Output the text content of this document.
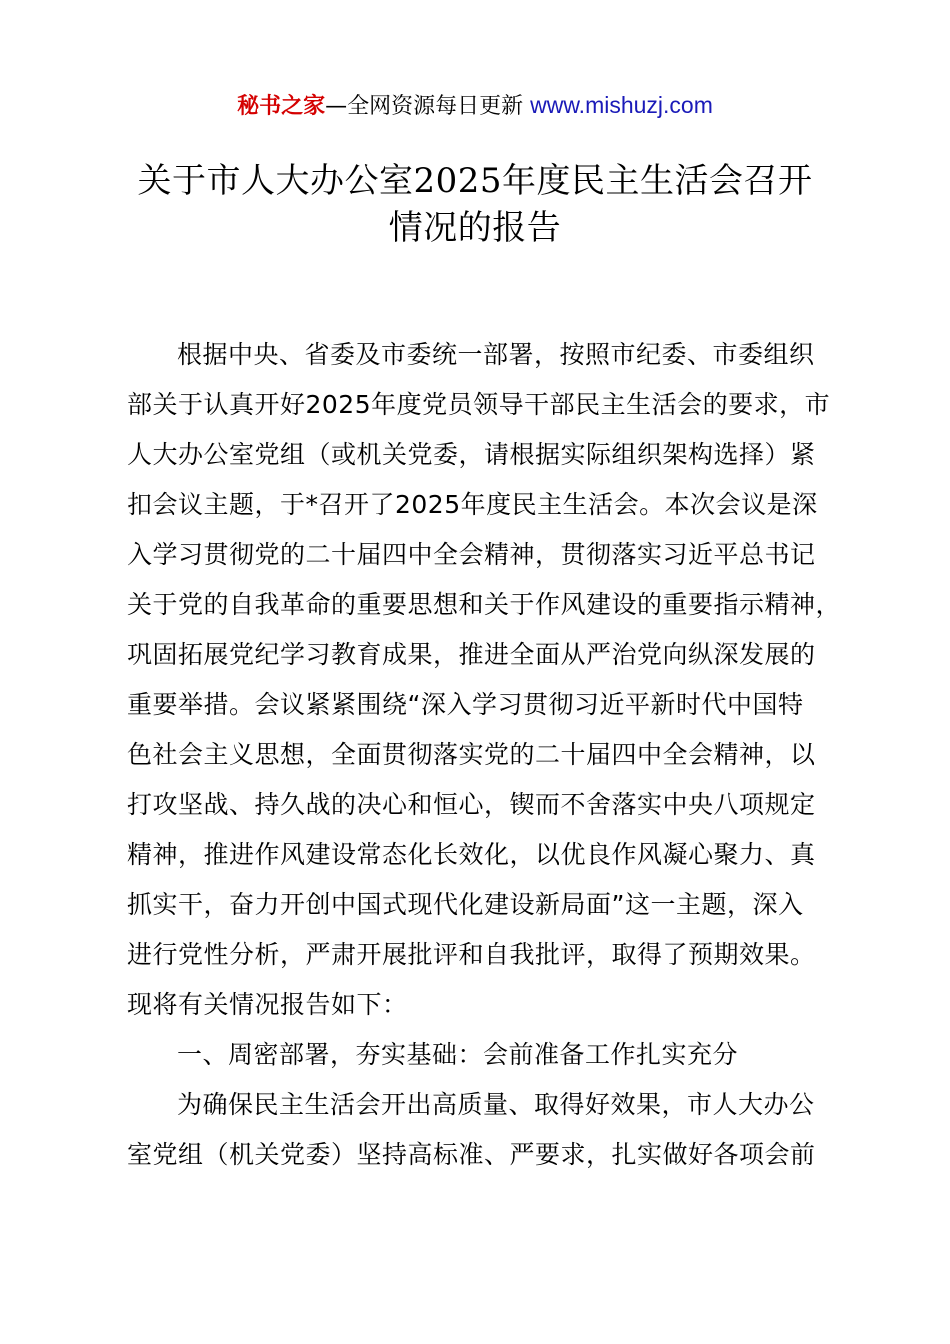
秘书之家—全网资源每日更新 www.mishuzj.com
关于市人大办公室2025年度民主生活会召开
情况的报告
根据中央、省委及市委统一部署，按照市纪委、市委组织
部关于认真开好2025年度党员领导干部民主生活会的要求，市
人大办公室党组（或机关党委，请根据实际组织架构选择）紧
扣会议主题，于*召开了2025年度民主生活会。本次会议是深
入学习贯彻党的二十届四中全会精神，贯彻落实习近平总书记
关于党的自我革命的重要思想和关于作风建设的重要指示精神，
巩固拓展党纪学习教育成果，推进全面从严治党向纵深发展的
重要举措。会议紧紧围绕“深入学习贯彻习近平新时代中国特
色社会主义思想，全面贯彻落实党的二十届四中全会精神，以
打攻坚战、持久战的决心和恒心，锲而不舍落实中央八项规定
精神，推进作风建设常态化长效化，以优良作风凝心聚力、真
抓实干，奋力开创中国式现代化建设新局面”这一主题，深入
进行党性分析，严肃开展批评和自我批评，取得了预期效果。
现将有关情况报告如下：
一、周密部署，夯实基础：会前准备工作扎实充分
为确保民主生活会开出高质量、取得好效果，市人大办公
室党组（机关党委）坚持高标准、严要求，扎实做好各项会前
